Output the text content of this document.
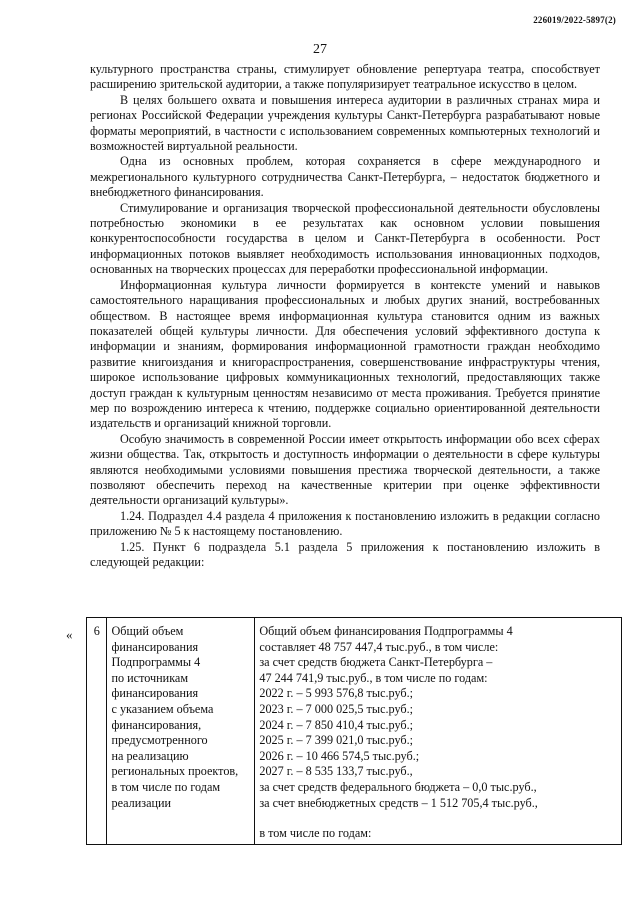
226019/2022-5897(2)
27

культурного пространства страны, стимулирует обновление репертуара театра, способствует расширению зрительской аудитории, а также популяризирует театральное искусство в целом.

В целях большего охвата и повышения интереса аудитории в различных странах мира и регионах Российской Федерации учреждения культуры Санкт-Петербурга разрабатывают новые форматы мероприятий, в частности с использованием современных компьютерных технологий и возможностей виртуальной реальности.

Одна из основных проблем, которая сохраняется в сфере международного и межрегионального культурного сотрудничества Санкт-Петербурга, – недостаток бюджетного и внебюджетного финансирования.

Стимулирование и организация творческой профессиональной деятельности обусловлены потребностью экономики в ее результатах как основном условии повышения конкурентоспособности государства в целом и Санкт-Петербурга в особенности. Рост информационных потоков выявляет необходимость использования инновационных подходов, основанных на творческих процессах для переработки профессиональной информации.

Информационная культура личности формируется в контексте умений и навыков самостоятельного наращивания профессиональных и любых других знаний, востребованных обществом. В настоящее время информационная культура становится одним из важных показателей общей культуры личности. Для обеспечения условий эффективного доступа к информации и знаниям, формирования информационной грамотности граждан необходимо развитие книгоиздания и книгораспространения, совершенствование инфраструктуры чтения, широкое использование цифровых коммуникационных технологий, предоставляющих также доступ граждан к культурным ценностям независимо от места проживания. Требуется принятие мер по возрождению интереса к чтению, поддержке социально ориентированной деятельности издательств и организаций книжной торговли.

Особую значимость в современной России имеет открытость информации обо всех сферах жизни общества. Так, открытость и доступность информации о деятельности в сфере культуры являются необходимыми условиями повышения престижа творческой деятельности, а также позволяют обеспечить переход на качественные критерии при оценке эффективности деятельности организаций культуры».

1.24. Подраздел 4.4 раздела 4 приложения к постановлению изложить в редакции согласно приложению № 5 к настоящему постановлению.

1.25. Пункт 6 подраздела 5.1 раздела 5 приложения к постановлению изложить в следующей редакции:

« 6	Общий объем
финансирования
Подпрограммы 4
по источникам
финансирования
с указанием объема
финансирования,
предусмотренного
на реализацию
региональных проектов,
в том числе по годам
реализации

Общий объем финансирования Подпрограммы 4
составляет 48 757 447,4 тыс.руб., в том числе:
за счет средств бюджета Санкт-Петербурга –
47 244 741,9 тыс.руб., в том числе по годам:
2022 г. – 5 993 576,8 тыс.руб.;
2023 г. – 7 000 025,5 тыс.руб.;
2024 г. – 7 850 410,4 тыс.руб.;
2025 г. – 7 399 021,0 тыс.руб.;
2026 г. – 10 466 574,5 тыс.руб.;
2027 г. – 8 535 133,7 тыс.руб.,
за счет средств федерального бюджета – 0,0 тыс.руб.,
за счет внебюджетных средств – 1 512 705,4 тыс.руб.,
в том числе по годам:
